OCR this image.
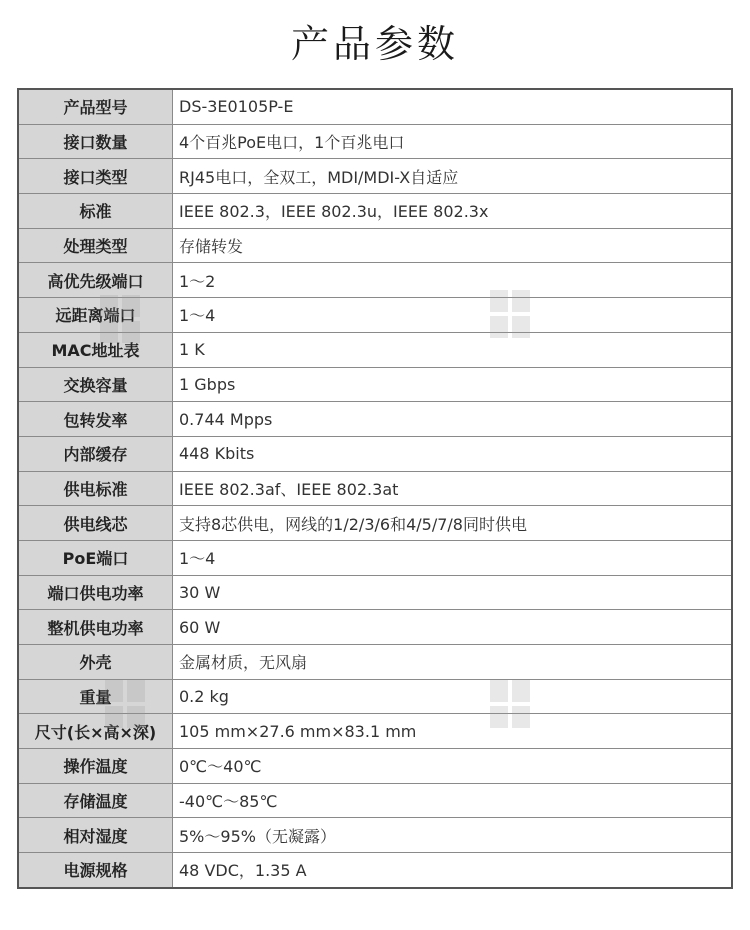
产品参数
产品型号	DS-3E0105P-E
接口数量	4个百兆PoE电口，1个百兆电口
接口类型	RJ45电口，全双工，MDI/MDI-X自适应
标准	IEEE 802.3，IEEE 802.3u，IEEE 802.3x
处理类型	存储转发
高优先级端口	1～2
远距离端口	1～4
MAC地址表	1 K
交换容量	1 Gbps
包转发率	0.744 Mpps
内部缓存	448 Kbits
供电标准	IEEE 802.3af、IEEE 802.3at
供电线芯	支持8芯供电，网线的1/2/3/6和4/5/7/8同时供电
PoE端口	1～4
端口供电功率	30 W
整机供电功率	60 W
外壳	金属材质，无风扇
重量	0.2 kg
尺寸(长×高×深)	105 mm×27.6 mm×83.1 mm
操作温度	0℃～40℃
存储温度	-40℃～85℃
相对湿度	5%～95%（无凝露）
电源规格	48 VDC，1.35 A
